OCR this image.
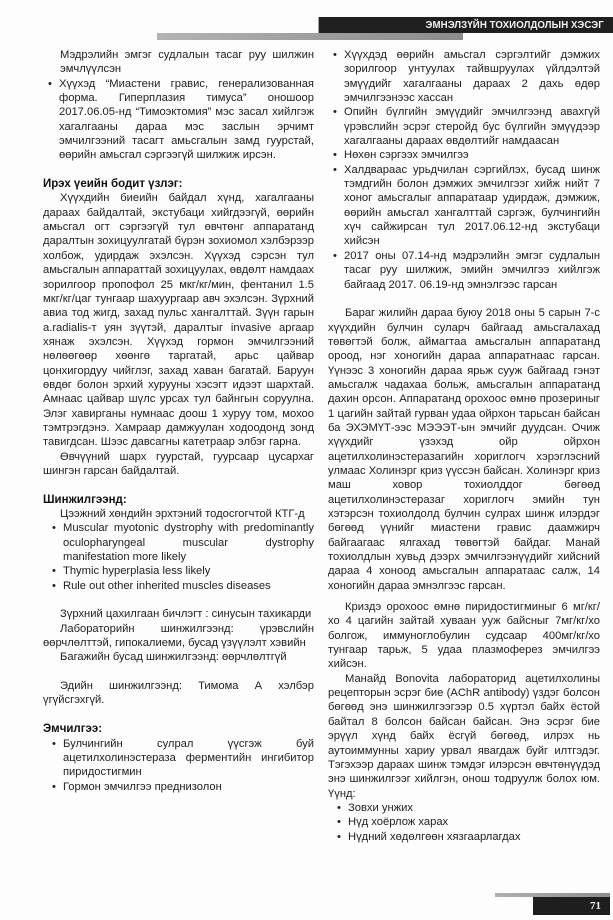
ЭМНЭЛЗҮЙН ТОХИОЛДОЛЫН ХЭСЭГ

Мэдрэлийн эмгэг судлалын тасаг руу шилжин эмчлүүлсэн

• Хүүхэд “Миастени гравис, генерализованная форма. Гиперплазия тимуса” оношоор 2017.06.05-нд “Тимоэктомия” мэс засал хийлгэж хагалгааны дараа мэс заслын эрчимт эмчилгээний тасагт амьсгалын замд гуурстай, өөрийн амьсгал сэргээгүй шилжиж ирсэн.
Ирэх үеийн бодит үзлэг:

Хүүхдийн биеийн байдал хүнд, хагалгааны дараах байдалтай, экстубаци хийгдээгүй, өөрийн амьсгал огт сэргээгүй тул өвчтөнг аппаратанд даралтын зохицуулгатай бүрэн зохиомол хэлбэрээр холбож, удирдаж эхэлсэн. Хүүхэд сэрсэн тул амьсгалын аппараттай зохицуулах, өвдөлт намдаах зорилгоор пропофол 25 мкг/кг/мин, фентанил 1.5 мкг/кг/цаг тунгаар шахуургаар авч эхэлсэн. Зүрхний авиа тод жигд, захад пульс хангалттай. Зүүн гарын a.radialis-т уян зүүтэй, даралтыг invasive аргаар хянаж эхэлсэн. Хүүхэд гормон эмчилгээний нөлөөгөөр хөөнгө таргатай, арьс цайвар цонхигордуу чийглэг, захад хаван багатай. Баруун өвдөг болон эрхий хурууны хэсэгт идээт шархтай. Амнаас цайвар шүлс урсах тул байнгын соруулна. Элэг хавирганы нумнаас доош 1 хуруу том, мохоо тэмтрэгдэнэ. Хамраар дамжуулан ходоодонд зонд тавигдсан. Шээс давсагны катетраар элбэг гарна.

Өвчүүний шарх гуурстай, гуурсаар цусархаг шингэн гарсан байдалтай.

Шинжилгээнд:

Цээжний хөндийн эрхтэний тодосгогчтой КТГ-д

• Muscular myotonic dystrophy with predominantly oculopharyngeal muscular dystrophy manifestation more likely
• Thymic hyperplasia less likely
• Rule out other inherited muscles diseases

Зүрхний цахилгаан бичлэгт : синусын тахикарди

Лабораторийн шинжилгээнд: үрэвслийн өөрчлөлттэй, гипокалиеми, бусад үзүүлэлт хэвийн

Багажийн бусад шинжилгээнд: өөрчлөлтгүй

Эдийн шинжилгээнд: Тимома А хэлбэр үгүйсгэхгүй.

Эмчилгээ:
• Булчингийн сулрал үүсгэж буй ацетилхолинэстераза ферментийн ингибитор пиридостигмин
• Гормон эмчилгээ преднизолон
• Хүүхдэд өөрийн амьсгал сэргэлтийг дэмжих зорилгоор унтуулах тайвшруулах үйлдэлтэй эмүүдийг хагалгааны дараах 2 дахь өдөр эмчилгээнээс хассан
• Опийн бүлгийн эмүүдийг эмчилгээнд авахгүй үрэвслийн эсрэг стеройд бус бүлгийн эмүүдээр хагалгааны дараах өвдөлтийг намдаасан
• Нөхөн сэргээх эмчилгээ
• Халдвараас урьдчилан сэргийлэх, бусад шинж тэмдгийн болон дэмжих эмчилгээг хийж нийт 7 хоног амьсгалыг аппаратаар удирдаж, дэмжиж, өөрийн амьсгал хангалттай сэргэж, булчингийн хүч сайжирсан тул 2017.06.12-нд экстубаци хийсэн
• 2017 оны 07.14-нд мэдрэлийн эмгэг судлалын тасаг руу шилжиж, эмийн эмчилгээ хийлгэж байгаад 2017. 06.19-нд эмнэлгээс гарсан

Бараг жилийн дараа буюу 2018 оны 5 сарын 7-с хүүхдийн булчин суларч байгаад амьсгалахад төвөгтэй болж, аймагтаа амьсгалын аппаратанд ороод, нэг хоногийн дараа аппаратнаас гарсан. Үүнээс 3 хоногийн дараа ярьж сууж байгаад гэнэт амьсгалж чадахаа больж, амьсгалын аппаратанд дахин орсон. Аппаратанд орохоос өмнө прозериныг 1 цагийн зайтай гурван удаа ойрхон тарьсан байсан ба ЭХЭМҮТ-ээс МЭЭЭТ-ын эмчийг дуудсан. Очиж хүүхдийг үзэхэд ойр ойрхон ацетилхолинэстеразагийн хориглогч хэрэглэсний улмаас Холинэрг криз үүссэн байсан. Холинэрг криз маш ховор тохиолддог бөгөөд ацетилхолинэстеразаг хориглогч эмийн тун хэтэрсэн тохиолдолд булчин сулрах шинж илэрдэг бөгөөд үүнийг миастени гравис даамжирч байгаагаас ялгахад төвөгтэй байдаг. Манай тохиолдлын хувьд дээрх эмчилгээнүүдийг хийсний дараа 4 хоноод амьсгалын аппаратаас салж, 14 хоногийн дараа эмнэлгээс гарсан.

Криздэ орохоос өмнө пиридостигминыг 6 мг/кг/хо 4 цагийн зайтай хуваан ууж байсныг 7мг/кг/хо болгож, иммуноглобулин судсаар 400мг/кг/хо тунгаар тарьж, 5 удаа плазмоферез эмчилгээ хийсэн.

Манайд Bonovita лабораторид ацетилхолины рецепторын эсрэг бие (AChR antibody) үздэг болсон бөгөөд энэ шинжилгээгээр 0.5 хүртэл байх ёстой байтал 8 болсон байсан байсан. Энэ эсрэг бие эрүүл хүнд байх ёсгүй бөгөөд, илрэх нь аутоиммунны хариу урвал явагдаж буйг илтгэдэг. Тэгэхээр дараах шинж тэмдэг илэрсэн өвчтөнүүдэд энэ шинжилгээг хийлгэн, онош тодруулж болох юм. Үүнд:

• Зовхи унжих
• Нүд хоёрлож харах
• Нүдний хөдөлгөөн хязгаарлагдах
71
